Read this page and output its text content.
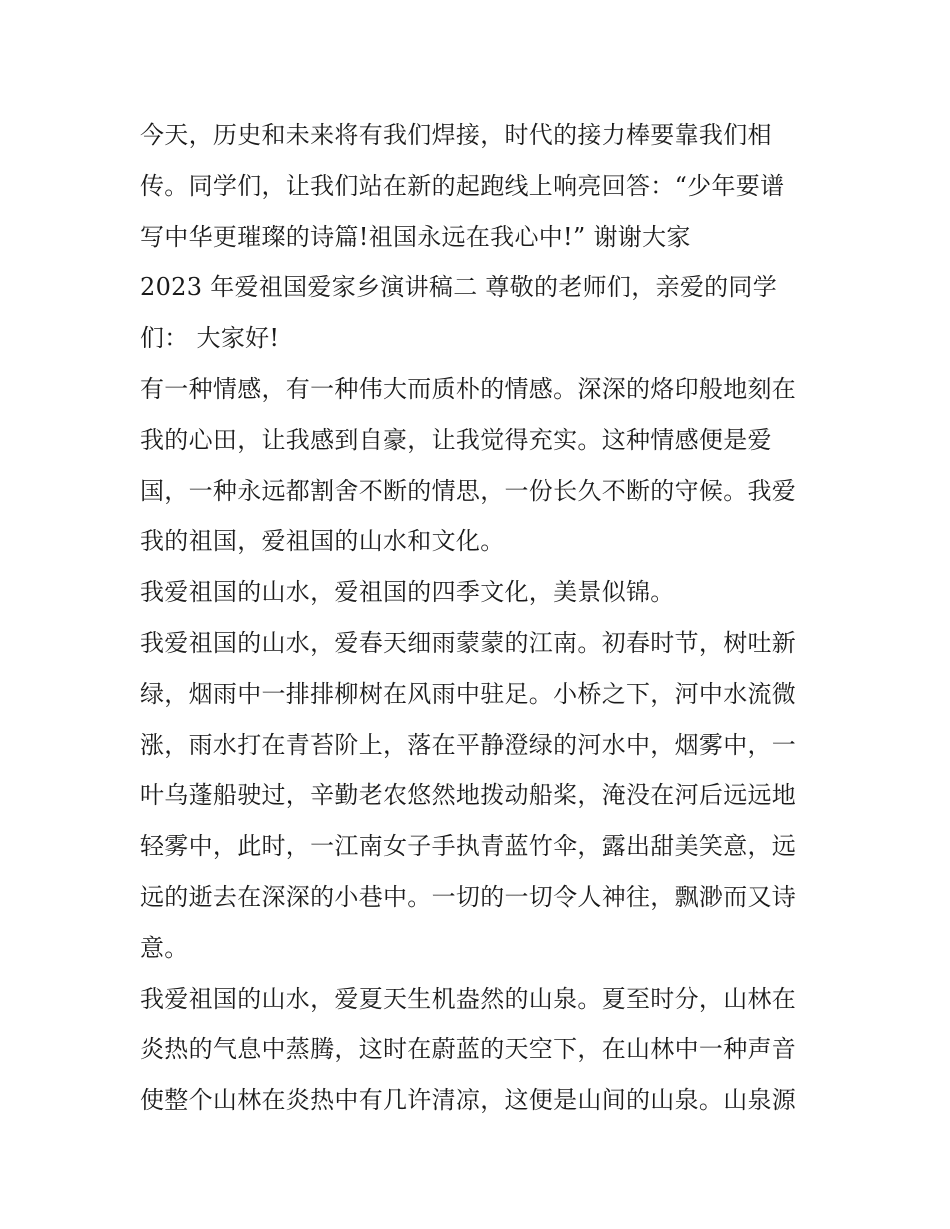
今天，历史和未来将有我们焊接，时代的接力棒要靠我们相
传。同学们，让我们站在新的起跑线上响亮回答：“少年要谱
写中华更璀璨的诗篇!祖国永远在我心中!” 谢谢大家
2023 年爱祖国爱家乡演讲稿二 尊敬的老师们，亲爱的同学
们： 大家好!
有一种情感，有一种伟大而质朴的情感。深深的烙印般地刻在
我的心田，让我感到自豪，让我觉得充实。这种情感便是爱
国，一种永远都割舍不断的情思，一份长久不断的守候。我爱
我的祖国，爱祖国的山水和文化。
我爱祖国的山水，爱祖国的四季文化，美景似锦。
我爱祖国的山水，爱春天细雨蒙蒙的江南。初春时节，树吐新
绿，烟雨中一排排柳树在风雨中驻足。小桥之下，河中水流微
涨，雨水打在青苔阶上，落在平静澄绿的河水中，烟雾中，一
叶乌蓬船驶过，辛勤老农悠然地拨动船桨，淹没在河后远远地
轻雾中，此时，一江南女子手执青蓝竹伞，露出甜美笑意，远
远的逝去在深深的小巷中。一切的一切令人神往，飘渺而又诗
意。
我爱祖国的山水，爱夏天生机盎然的山泉。夏至时分，山林在
炎热的气息中蒸腾，这时在蔚蓝的天空下，在山林中一种声音
使整个山林在炎热中有几许清凉，这便是山间的山泉。山泉源
